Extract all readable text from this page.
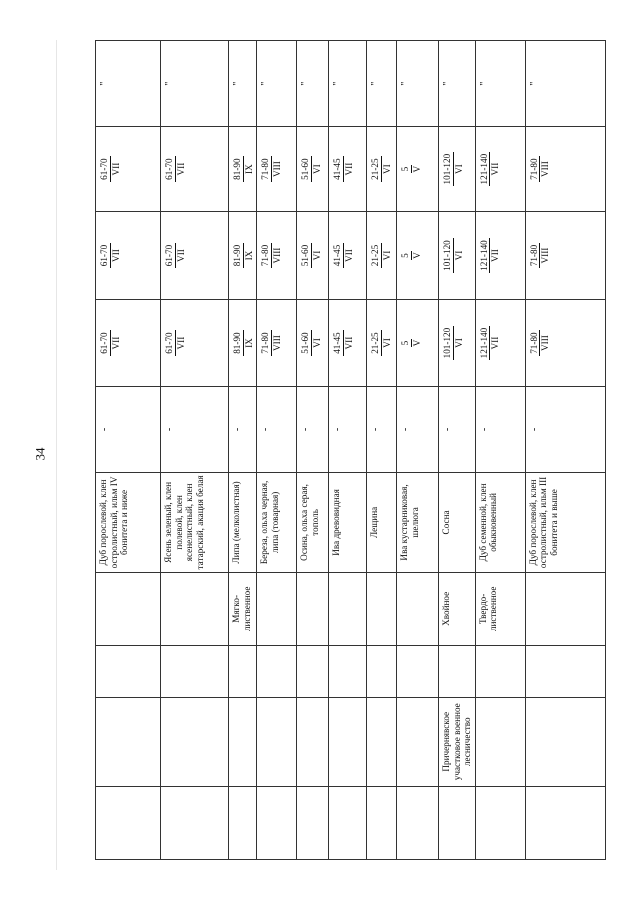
34
				Дуб порослевой, клен остролистный, ильм IV бонитета и ниже	-	61-70 VII	61-70 VII	61-70 VII	"
				Ясень зеленый, клен полевой, клен ясенелистный, клен татарский, акация белая	-	61-70 VII	61-70 VII	61-70 VII	"
			Мягко- лиственное	Липа (мелколистная)	-	81-90 IX	81-90 IX	81-90 IX	"
				Береза, ольха черная, липа (товарная)	-	71-80 VIII	71-80 VIII	71-80 VIII	"
				Осина, ольха серая, тополь	-	51-60 VI	51-60 VI	51-60 VI	"
				Ива древовидная	-	41-45 VII	41-45 VII	41-45 VII	"
				Лещина	-	21-25 VI	21-25 VI	21-25 VI	"
				Ива кустарниковая, шелюга	-	5 V	5 V	5 V	"
	Причернявское участковое военное лесничество		Хвойное	Сосна	-	101-120 VI	101-120 VI	101-120 VI	"
			Твердо- лиственное	Дуб семенной, клен обыкновенный	-	121-140 VII	121-140 VII	121-140 VII	"
				Дуб порослевой, клен остролистный, ильм III бонитета и выше	-	71-80 VIII	71-80 VIII	71-80 VIII	"
